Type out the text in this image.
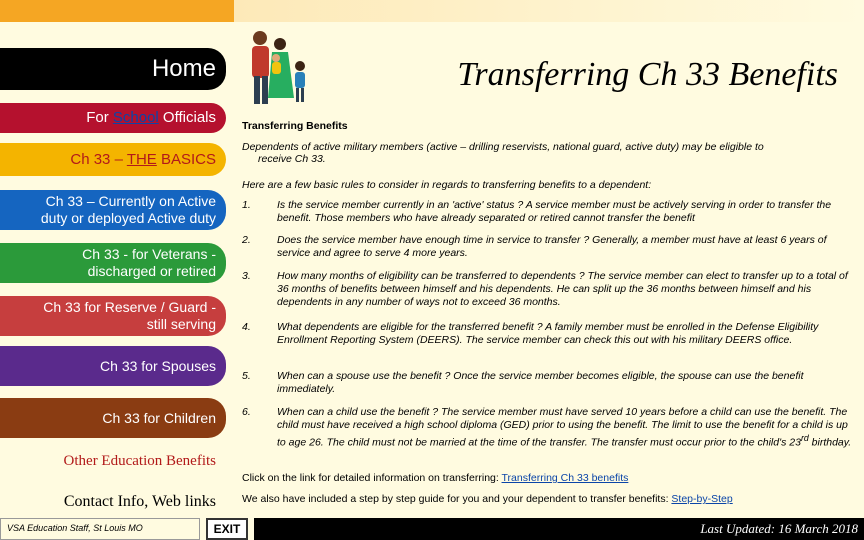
Home
For School Officials
Ch 33 – THE BASICS
Ch 33 – Currently on Active
duty or deployed Active duty
Ch 33 - for Veterans -
discharged or retired
Ch 33 for Reserve / Guard -
still serving
Ch 33 for Spouses
Ch 33 for Children
Other Education Benefits
Contact Info, Web links
Transferring Ch 33 Benefits
Transferring Benefits
Dependents of active military members (active – drilling reservists, national guard, active duty) may be eligible to
receive Ch 33.
Here are a few basic rules to consider in regards to transferring benefits to a dependent:
1.	Is the service member currently in an 'active' status ? A service member must be actively serving in order to transfer the benefit. Those members who have already separated or retired cannot transfer the benefit
2.	Does the service member have enough time in service to transfer ? Generally, a member must have at least 6 years of service and agree to serve 4 more years.
3.	How many months of eligibility can be transferred to dependents ? The service member can elect to transfer up to a total of 36 months of benefits between himself and his dependents. He can split up the 36 months between himself and his dependents in any number of ways not to exceed 36 months.
4.	What dependents are eligible for the transferred benefit ? A family member must be enrolled in the Defense Eligibility Enrollment Reporting System (DEERS). The service member can check this out with his military DEERS office.
5.	When can a spouse use the benefit ? Once the service member becomes eligible, the spouse can use the benefit immediately.
6.	When can a child use the benefit ? The service member must have served 10 years before a child can use the benefit. The child must have received a high school diploma (GED) prior to using the benefit. The limit to use the benefit for a child is up to age 26. The child must not be married at the time of the transfer. The transfer must occur prior to the child's 23rd birthday.
Click on the link for detailed information on transferring: Transferring Ch 33 benefits
We also have included a step by step guide for you and your dependent to transfer benefits: Step-by-Step
VSA Education Staff, St Louis MO	EXIT	Last Updated: 16 March 2018
